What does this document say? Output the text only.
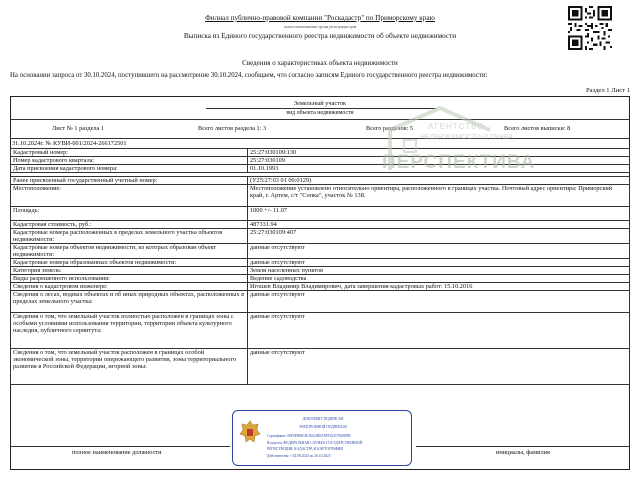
Филиал публично-правовой компании "Роскадастр" по Приморскому краю
полное наименование органа регистрации прав
Выписка из Единого государственного реестра недвижимости об объекте недвижимости
Сведения о характеристиках объекта недвижимости
На основании запроса от 30.10.2024, поступившего на рассмотрение 30.10.2024, сообщаем, что согласно записям Единого государственного реестра недвижимости:
Раздел 1 Лист 1
Земельный участок
вид объекта недвижимости
Лист № 1 раздела 1	Всего листов раздела 1: 3	Всего разделов: 5	Всего листов выписки: 8
31.10.2024г. № КУВИ-001/2024-266172501
Кадастровый номер:	25:27:030109:130
Номер кадастрового квартала:	25:27:030109
Дата присвоения кадастрового номера:	01.10.1993

Ранее присвоенный государственный учетный номер:	(У25:27:03 01 09:0129)
Местоположение:	Местоположение установлено относительно ориентира, расположенного в границах участка. Почтовый адрес ориентира: Приморский край, г. Артем, с/т "Сопка", участок № 138.
Площадь:	1000 +/- 11.07
Кадастровая стоимость, руб.:	487331.94
Кадастровые номера расположенных в пределах земельного участка объектов недвижимости:	25:27:030109:407
Кадастровые номера объектов недвижимости, из которых образован объект недвижимости:	данные отсутствуют
Кадастровые номера образованных объектов недвижимости:	данные отсутствуют
Категория земель:	Земли населенных пунктов
Виды разрешенного использования:	Ведение садоводства
Сведения о кадастровом инженере:	Игошев Владимир Владимирович, дата завершения кадастровых работ: 15.10.2016
Сведения о лесах, водных объектах и об иных природных объектах, расположенных в пределах земельного участка:	данные отсутствуют
Сведения о том, что земельный участок полностью расположен в границах зоны с особыми условиями использования территории, территории объекта культурного наследия, публичного сервитута:	данные отсутствуют
Сведения о том, что земельный участок расположен в границах особой экономической зоны, территории опережающего развития, зоны территориального развития в Российской Федерации, игорной зоны:	данные отсутствуют
АГЕНТСТВО
НЕДВИЖИМОСТИ И ПРАВА
ПЕРСПЕКТИВА
полное наименование должности	инициалы, фамилия
ДОКУМЕНТ ПОДПИСАН
ЭЛЕКТРОННОЙ ПОДПИСЬЮ
Сертификат: 00F0F8BE1B1A652B0A5FF16257968D8B
Владелец: ФЕДЕРАЛЬНАЯ СЛУЖБА ГОСУДАРСТВЕННОЙ
РЕГИСТРАЦИИ, КАДАСТРА И КАРТОГРАФИИ
Действителен: с 02.08.2024 по 26.10.2025
